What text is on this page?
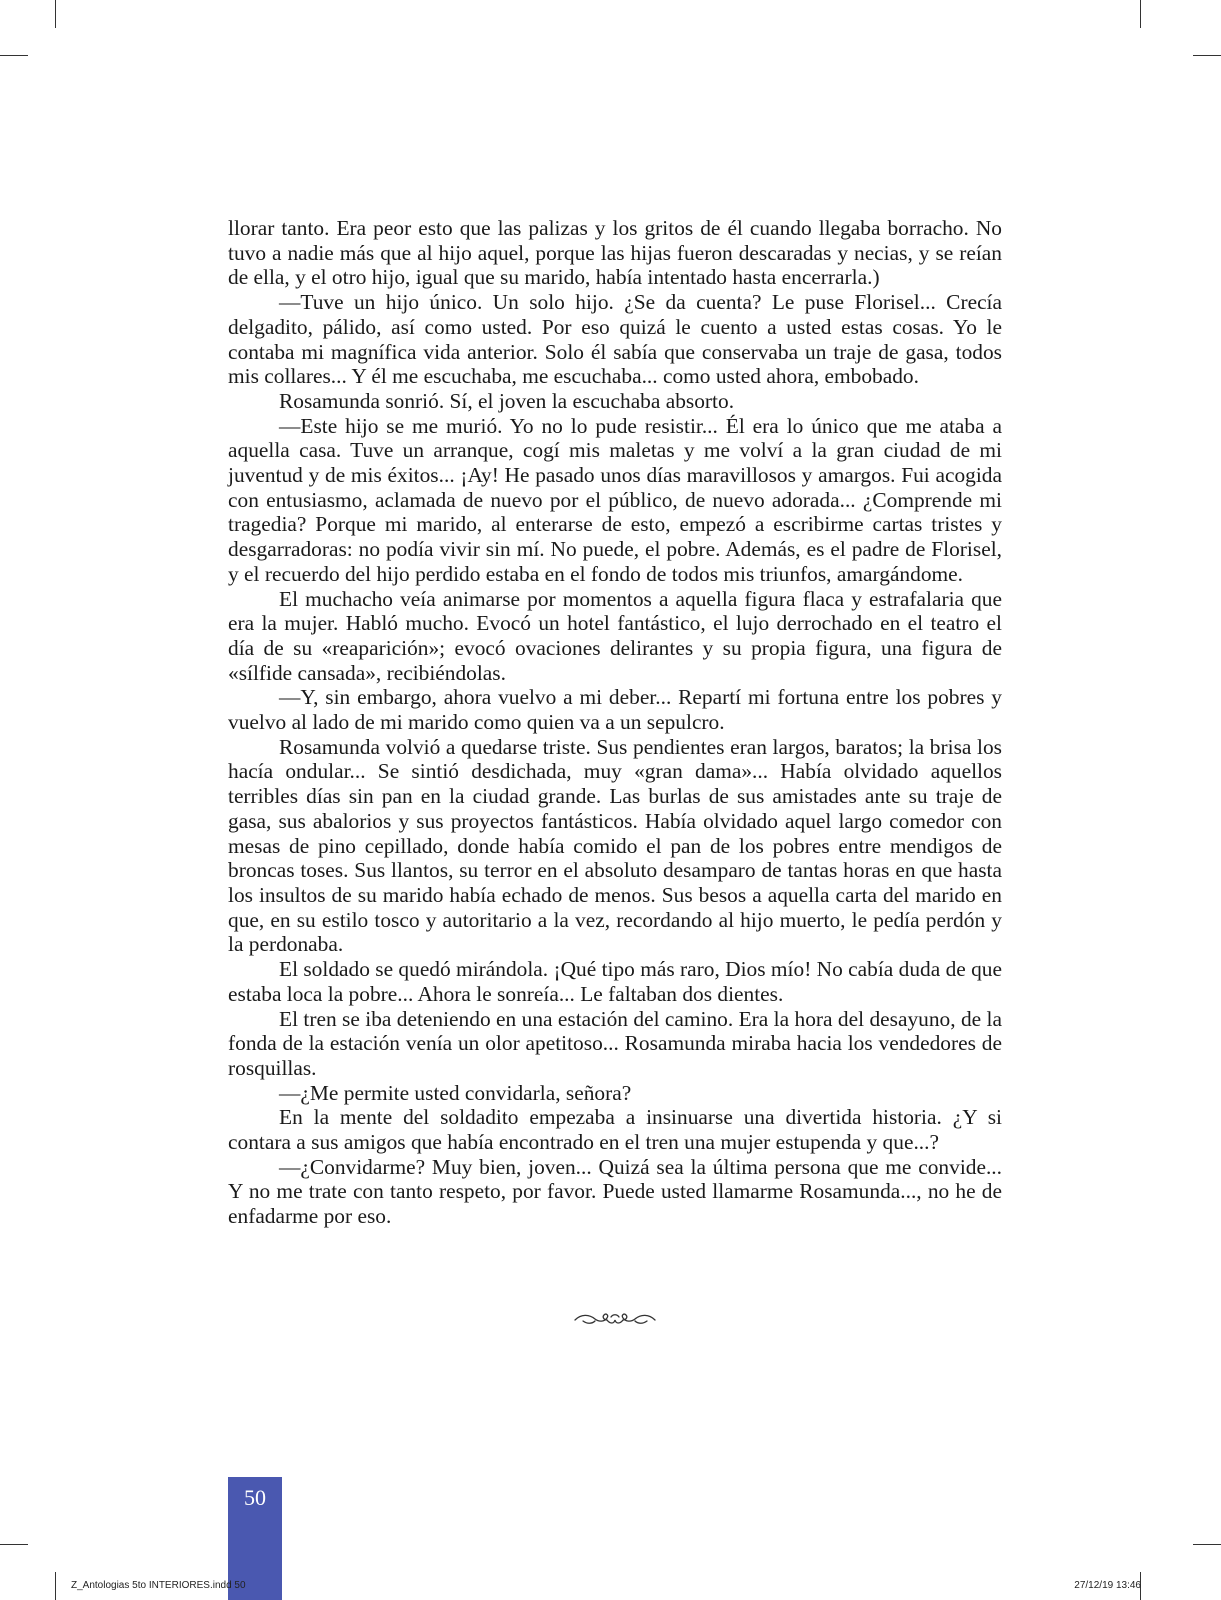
llorar tanto. Era peor esto que las palizas y los gritos de él cuando llegaba borracho. No tuvo a nadie más que al hijo aquel, porque las hijas fueron descaradas y necias, y se reían de ella, y el otro hijo, igual que su marido, había intentado hasta encerrarla.)

—Tuve un hijo único. Un solo hijo. ¿Se da cuenta? Le puse Florisel... Crecía delgadito, pálido, así como usted. Por eso quizá le cuento a usted estas cosas. Yo le contaba mi magnífica vida anterior. Solo él sabía que conservaba un traje de gasa, todos mis collares... Y él me escuchaba, me escuchaba... como usted ahora, embobado.

Rosamunda sonrió. Sí, el joven la escuchaba absorto.

—Este hijo se me murió. Yo no lo pude resistir... Él era lo único que me ataba a aquella casa. Tuve un arranque, cogí mis maletas y me volví a la gran ciudad de mi juventud y de mis éxitos... ¡Ay! He pasado unos días maravillosos y amargos. Fui acogida con entusiasmo, aclamada de nuevo por el público, de nuevo adorada... ¿Comprende mi tragedia? Porque mi marido, al enterarse de esto, empezó a escribirme cartas tristes y desgarradoras: no podía vivir sin mí. No puede, el pobre. Además, es el padre de Florisel, y el recuerdo del hijo perdido estaba en el fondo de todos mis triunfos, amargándome.

El muchacho veía animarse por momentos a aquella figura flaca y estrafalaria que era la mujer. Habló mucho. Evocó un hotel fantástico, el lujo derrochado en el teatro el día de su «reaparición»; evocó ovaciones delirantes y su propia figura, una figura de «sílfide cansada», recibiéndolas.

—Y, sin embargo, ahora vuelvo a mi deber... Repartí mi fortuna entre los pobres y vuelvo al lado de mi marido como quien va a un sepulcro.

Rosamunda volvió a quedarse triste. Sus pendientes eran largos, baratos; la brisa los hacía ondular... Se sintió desdichada, muy «gran dama»... Había olvidado aquellos terribles días sin pan en la ciudad grande. Las burlas de sus amistades ante su traje de gasa, sus abalorios y sus proyectos fantásticos. Había olvidado aquel largo comedor con mesas de pino cepillado, donde había comido el pan de los pobres entre mendigos de broncas toses. Sus llantos, su terror en el absoluto desamparo de tantas horas en que hasta los insultos de su marido había echado de menos. Sus besos a aquella carta del marido en que, en su estilo tosco y autoritario a la vez, recordando al hijo muerto, le pedía perdón y la perdonaba.

El soldado se quedó mirándola. ¡Qué tipo más raro, Dios mío! No cabía duda de que estaba loca la pobre... Ahora le sonreía... Le faltaban dos dientes.

El tren se iba deteniendo en una estación del camino. Era la hora del desayuno, de la fonda de la estación venía un olor apetitoso... Rosamunda miraba hacia los vendedores de rosquillas.

—¿Me permite usted convidarla, señora?

En la mente del soldadito empezaba a insinuarse una divertida historia. ¿Y si contara a sus amigos que había encontrado en el tren una mujer estupenda y que...?

—¿Convidarme? Muy bien, joven... Quizá sea la última persona que me convide... Y no me trate con tanto respeto, por favor. Puede usted llamarme Rosamunda..., no he de enfadarme por eso.

50
Z_Antologias 5to INTERIORES.indd 50	27/12/19 13:46
